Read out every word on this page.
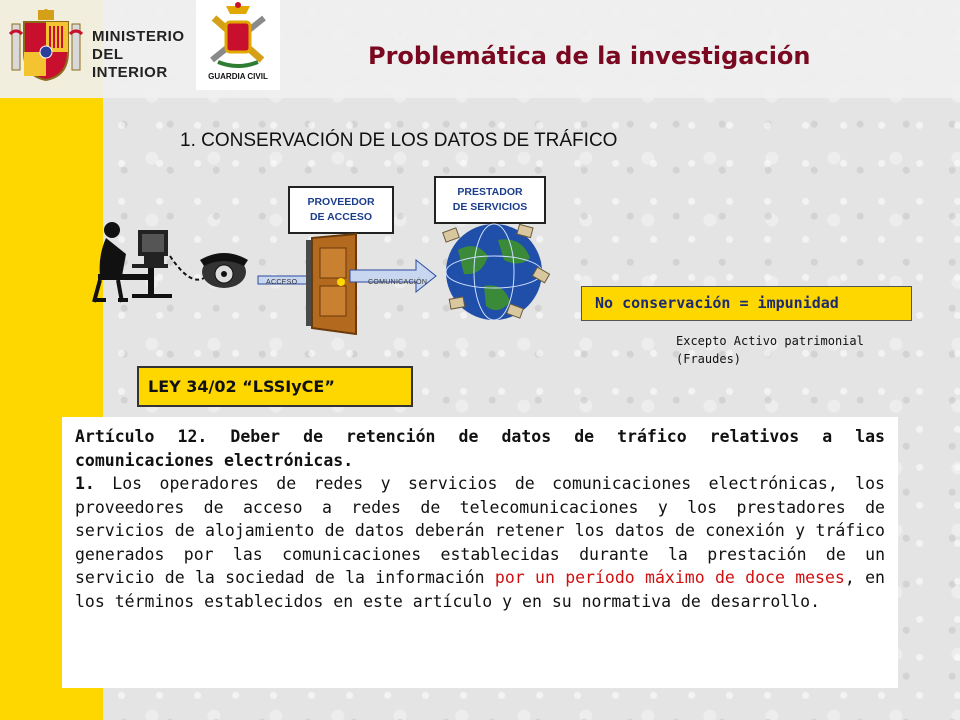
MINISTERIO
DEL INTERIOR	GUARDIA CIVIL
Problemática de la investigación
1. CONSERVACIÓN DE LOS DATOS DE TRÁFICO
PROVEEDOR
DE ACCESO
PRESTADOR
DE SERVICIOS
ACCESO	COMUNICACIÓN
No conservación = impunidad
Excepto Activo patrimonial (Fraudes)
LEY 34/02 “LSSIyCE”
Artículo 12. Deber de retención de datos de tráfico relativos a las comunicaciones electrónicas.
1. Los operadores de redes y servicios de comunicaciones electrónicas, los proveedores de acceso a redes de telecomunicaciones y los prestadores de servicios de alojamiento de datos deberán retener los datos de conexión y tráfico generados por las comunicaciones establecidas durante la prestación de un servicio de la sociedad de la información por un período máximo de doce meses, en los términos establecidos en este artículo y en su normativa de desarrollo.
